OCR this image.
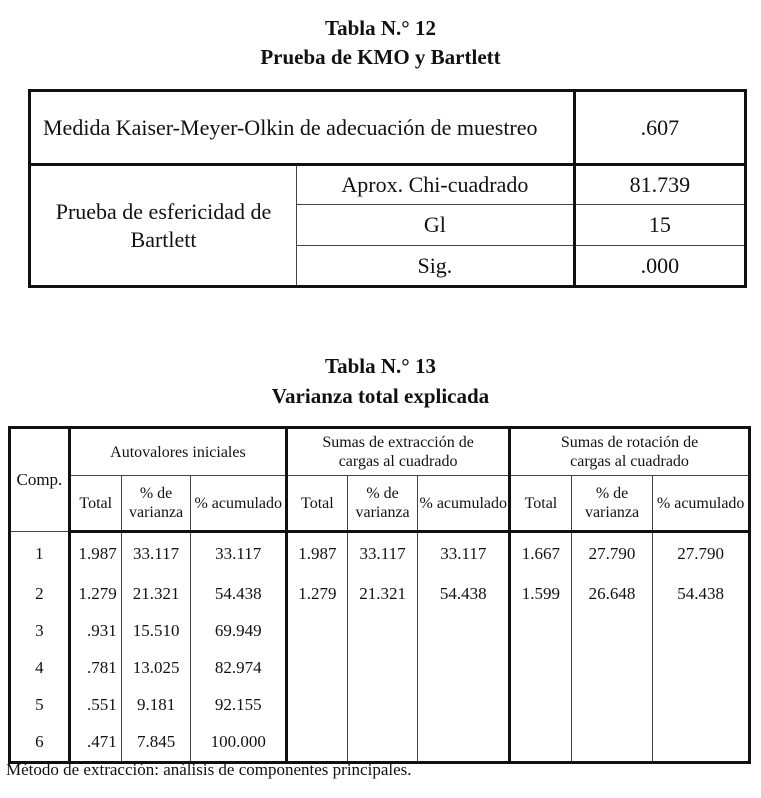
Tabla N.° 12
Prueba de KMO y Bartlett
Medida Kaiser-Meyer-Olkin de adecuación de muestreo		.607
Prueba de esfericidad de Bartlett	Aprox. Chi-cuadrado	81.739
	Gl	15
	Sig.	.000
Tabla N.° 13
Varianza total explicada
Comp.	Autovalores iniciales			Sumas de extracción de cargas al cuadrado			Sumas de rotación de cargas al cuadrado		
	Total	% de varianza	% acumulado	Total	% de varianza	% acumulado	Total	% de varianza	% acumulado
1	1.987	33.117	33.117	1.987	33.117	33.117	1.667	27.790	27.790
2	1.279	21.321	54.438	1.279	21.321	54.438	1.599	26.648	54.438
3	.931	15.510	69.949						
4	.781	13.025	82.974						
5	.551	9.181	92.155						
6	.471	7.845	100.000						
Método de extracción: análisis de componentes principales.
